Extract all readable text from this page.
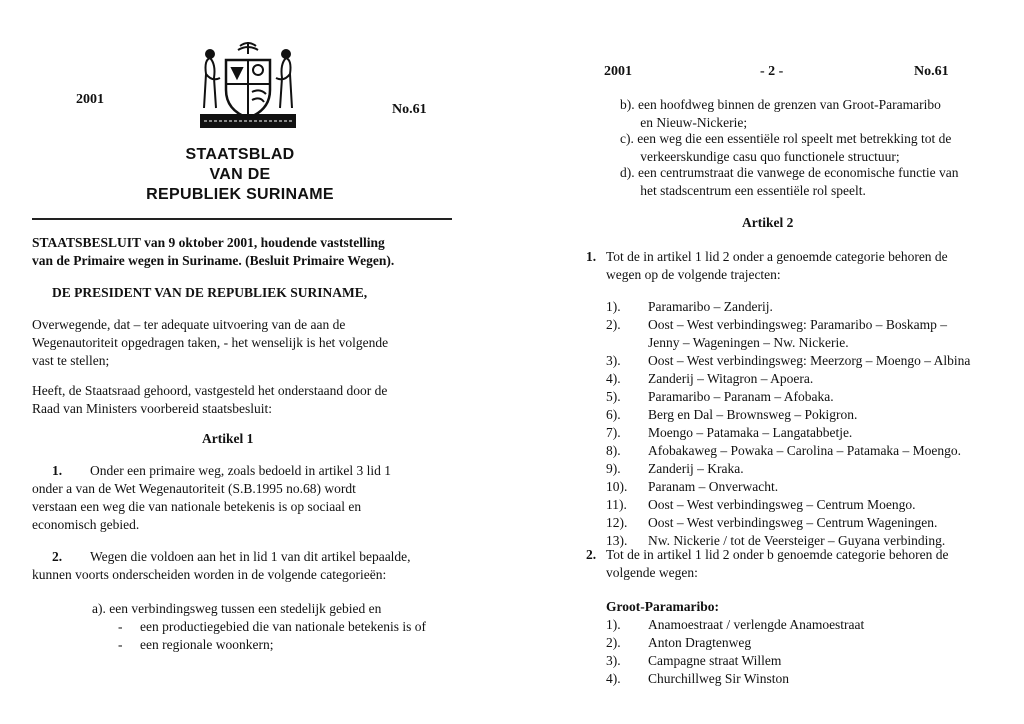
2001
No.61
STAATSBLAD
VAN DE
REPUBLIEK SURINAME
STAATSBESLUIT van 9 oktober 2001, houdende vaststelling
van de Primaire wegen in Suriname. (Besluit Primaire Wegen).
DE PRESIDENT VAN DE REPUBLIEK SURINAME,
Overwegende, dat – ter adequate uitvoering van de aan de
Wegenautoriteit opgedragen taken, - het wenselijk is het volgende
vast te stellen;
Heeft, de Staatsraad gehoord, vastgesteld het onderstaand door de
Raad van Ministers voorbereid staatsbesluit:
Artikel 1
1.	Onder een primaire weg, zoals bedoeld in artikel 3 lid 1
onder a van de Wet Wegenautoriteit (S.B.1995 no.68) wordt
verstaan een weg die van nationale betekenis is op sociaal en
economisch gebied.
2.	Wegen die voldoen aan het in lid 1 van dit artikel bepaalde,
kunnen voorts onderscheiden worden in de volgende categorieën:
a). een verbindingsweg tussen een stedelijk gebied en
- een productiegebied die van nationale betekenis is of
- een regionale woonkern;
2001	- 2 -	No.61
b). een hoofdweg binnen de grenzen van Groot-Paramaribo
en Nieuw-Nickerie;
c). een weg die een essentiële rol speelt met betrekking tot de
verkeerskundige casu quo functionele structuur;
d). een centrumstraat die vanwege de economische functie van
het stadscentrum een essentiële rol speelt.
Artikel 2
1. Tot de in artikel 1 lid 2 onder a genoemde categorie behoren de
wegen op de volgende trajecten:
1).	Paramaribo – Zanderij.
2).	Oost – West verbindingsweg: Paramaribo – Boskamp –
Jenny – Wageningen – Nw. Nickerie.
3).	Oost – West verbindingsweg: Meerzorg – Moengo – Albina
4).	Zanderij – Witagron – Apoera.
5).	Paramaribo – Paranam – Afobaka.
6).	Berg en Dal – Brownsweg – Pokigron.
7).	Moengo – Patamaka – Langatabbetje.
8).	Afobakaweg – Powaka – Carolina – Patamaka – Moengo.
9).	Zanderij – Kraka.
10).	Paranam – Onverwacht.
11).	Oost – West verbindingsweg – Centrum Moengo.
12).	Oost – West verbindingsweg – Centrum Wageningen.
13).	Nw. Nickerie / tot de Veersteiger – Guyana verbinding.
2. Tot de in artikel 1 lid 2 onder b genoemde categorie behoren de
volgende wegen:
Groot-Paramaribo:
1).	Anamoestraat / verlengde Anamoestraat
2).	Anton Dragtenweg
3).	Campagne straat Willem
4).	Churchillweg Sir Winston
